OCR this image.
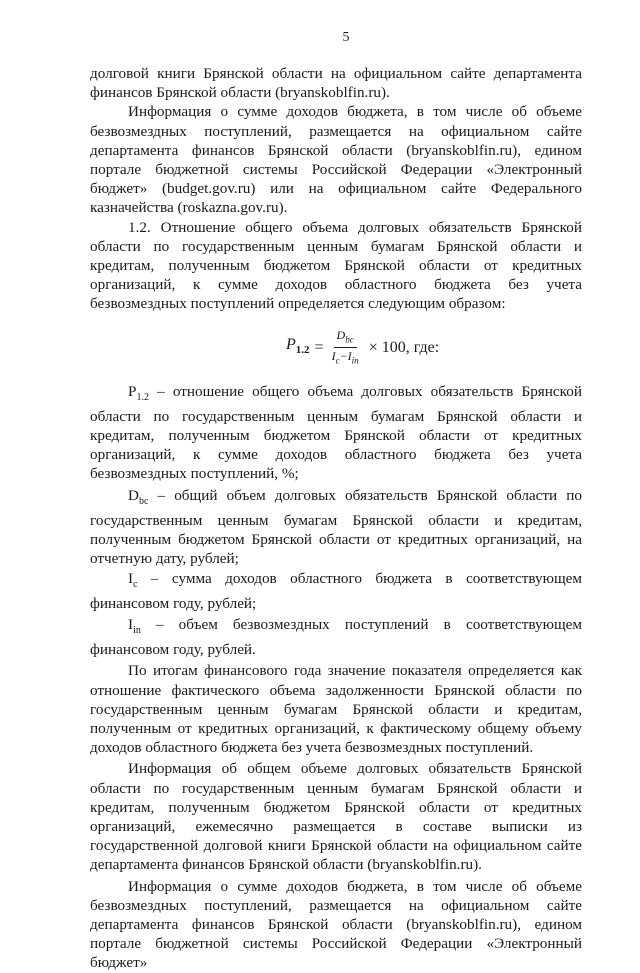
5

долговой книги Брянской области на официальном сайте департамента финансов Брянской области (bryanskoblfin.ru).

Информация о сумме доходов бюджета, в том числе об объеме безвозмездных поступлений, размещается на официальном сайте департамента финансов Брянской области (bryanskoblfin.ru), едином портале бюджетной системы Российской Федерации «Электронный бюджет» (budget.gov.ru) или на официальном сайте Федерального казначейства (roskazna.gov.ru).

1.2. Отношение общего объема долговых обязательств Брянской области по государственным ценным бумагам Брянской области и кредитам, полученным бюджетом Брянской области от кредитных организаций, к сумме доходов областного бюджета без учета безвозмездных поступлений определяется следующим образом:

$P_{1.2} = \frac{D_{bc}}{I_c-I_{in}} \times 100$, где:

$P_{1.2}$ – отношение общего объема долговых обязательств Брянской области по государственным ценным бумагам Брянской области и кредитам, полученным бюджетом Брянской области от кредитных организаций, к сумме доходов областного бюджета без учета безвозмездных поступлений, %;

$D_{bc}$ – общий объем долговых обязательств Брянской области по государственным ценным бумагам Брянской области и кредитам, полученным бюджетом Брянской области от кредитных организаций, на отчетную дату, рублей;

$I_c$ – сумма доходов областного бюджета в соответствующем финансовом году, рублей;

$I_{in}$ – объем безвозмездных поступлений в соответствующем финансовом году, рублей.

По итогам финансового года значение показателя определяется как отношение фактического объема задолженности Брянской области по государственным ценным бумагам Брянской области и кредитам, полученным от кредитных организаций, к фактическому общему объему доходов областного бюджета без учета безвозмездных поступлений.

Информация об общем объеме долговых обязательств Брянской области по государственным ценным бумагам Брянской области и кредитам, полученным бюджетом Брянской области от кредитных организаций, ежемесячно размещается в составе выписки из государственной долговой книги Брянской области на официальном сайте департамента финансов Брянской области (bryanskoblfin.ru).

Информация о сумме доходов бюджета, в том числе об объеме безвозмездных поступлений, размещается на официальном сайте департамента финансов Брянской области (bryanskoblfin.ru), едином портале бюджетной системы Российской Федерации «Электронный бюджет»
